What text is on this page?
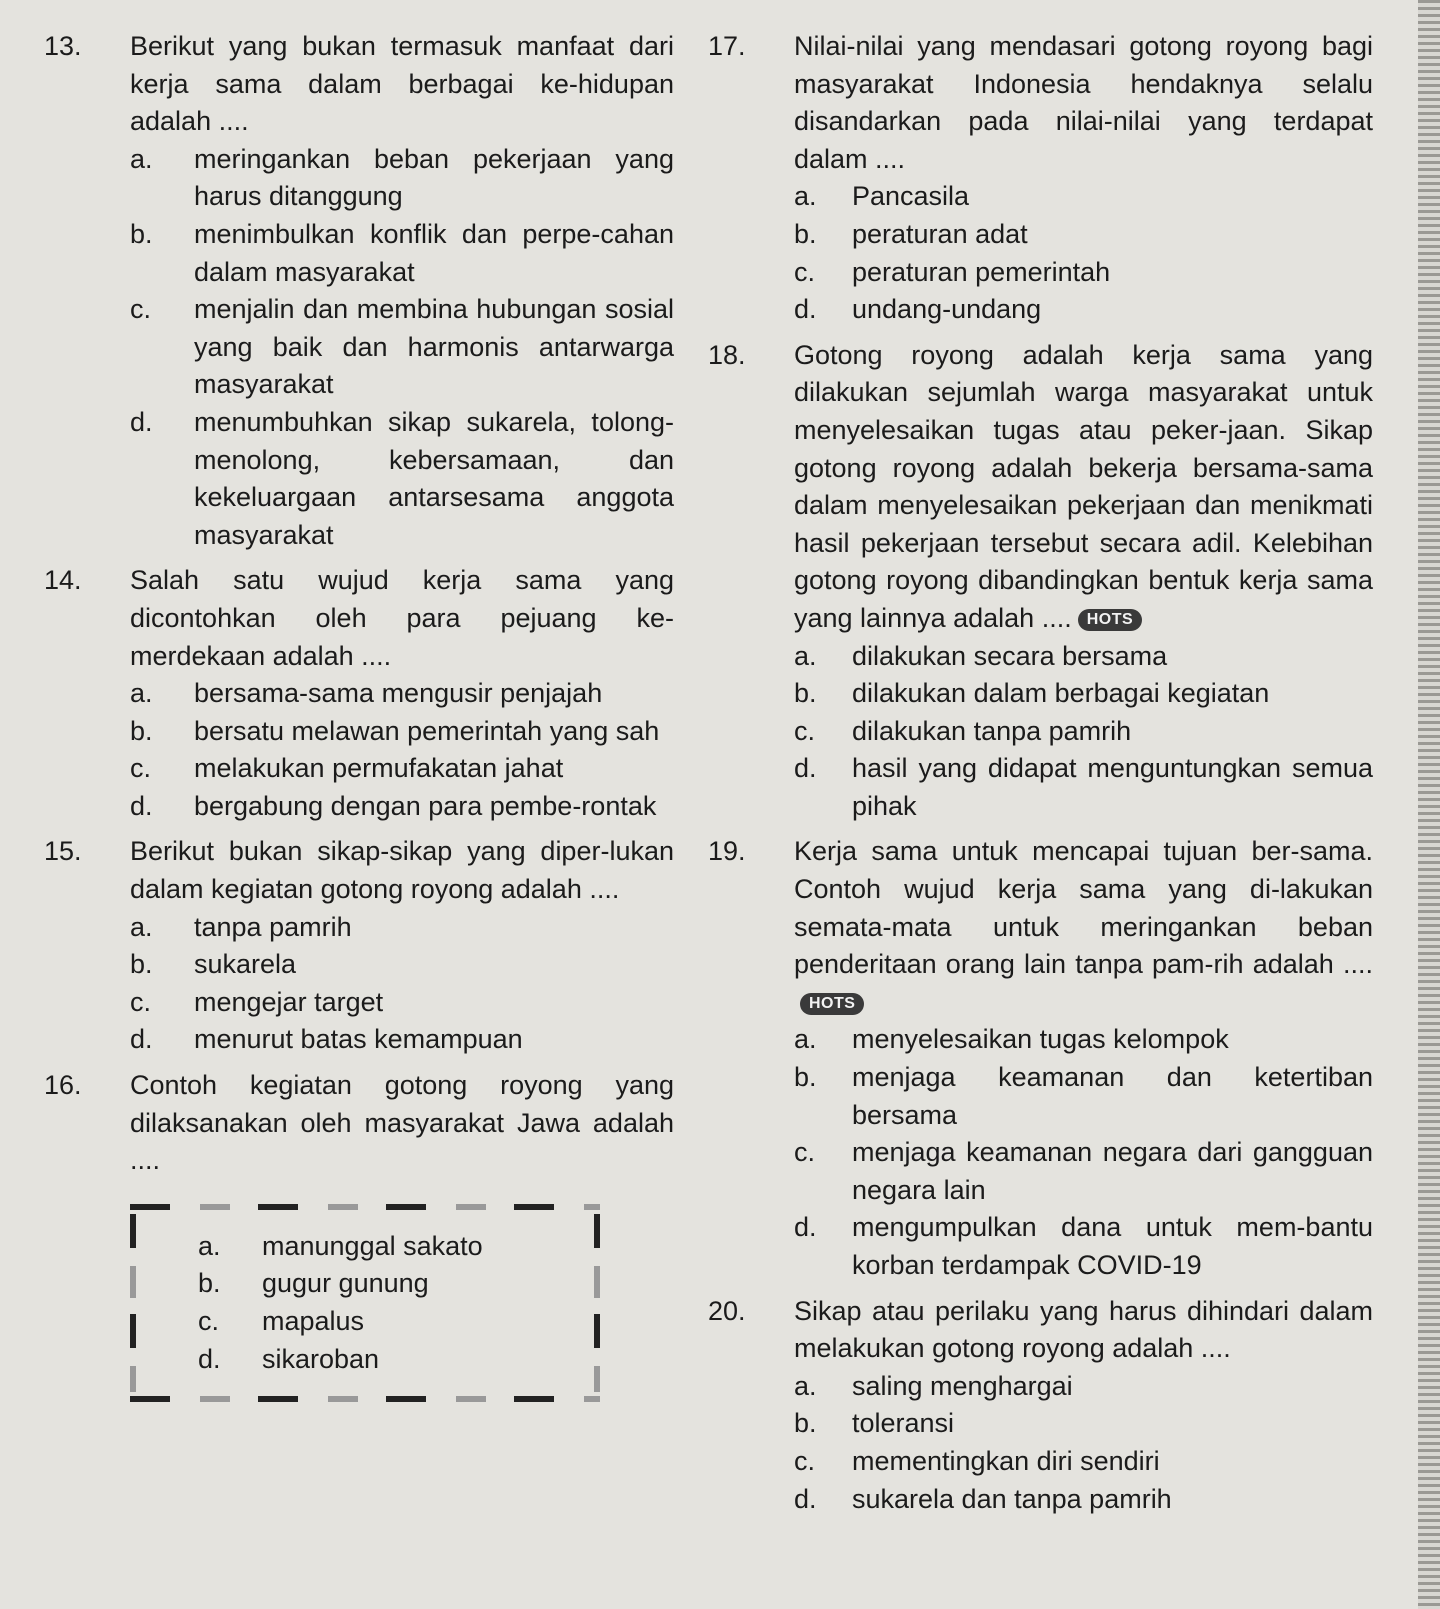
13.	Berikut yang bukan termasuk manfaat dari kerja sama dalam berbagai ke-hidupan adalah ....
a. meringankan beban pekerjaan yang harus ditanggung
b. menimbulkan konflik dan perpe-cahan dalam masyarakat
c. menjalin dan membina hubungan sosial yang baik dan harmonis antarwarga masyarakat
d. menumbuhkan sikap sukarela, tolong-menolong, kebersamaan, dan kekeluargaan antarsesama anggota masyarakat
14.	Salah satu wujud kerja sama yang dicontohkan oleh para pejuang ke-merdekaan adalah ....
a. bersama-sama mengusir penjajah
b. bersatu melawan pemerintah yang sah
c. melakukan permufakatan jahat
d. bergabung dengan para pembe-rontak
15.	Berikut bukan sikap-sikap yang diper-lukan dalam kegiatan gotong royong adalah ....
a. tanpa pamrih
b. sukarela
c. mengejar target
d. menurut batas kemampuan
16.	Contoh kegiatan gotong royong yang dilaksanakan oleh masyarakat Jawa adalah ....
a. manunggal sakato
b. gugur gunung
c. mapalus
d. sikaroban
17.	Nilai-nilai yang mendasari gotong royong bagi masyarakat Indonesia hendaknya selalu disandarkan pada nilai-nilai yang terdapat dalam ....
a. Pancasila
b. peraturan adat
c. peraturan pemerintah
d. undang-undang
18.	Gotong royong adalah kerja sama yang dilakukan sejumlah warga masyarakat untuk menyelesaikan tugas atau peker-jaan. Sikap gotong royong adalah bekerja bersama-sama dalam menyelesaikan pekerjaan dan menikmati hasil pekerjaan tersebut secara adil. Kelebihan gotong royong dibandingkan bentuk kerja sama yang lainnya adalah .... HOTS
a. dilakukan secara bersama
b. dilakukan dalam berbagai kegiatan
c. dilakukan tanpa pamrih
d. hasil yang didapat menguntungkan semua pihak
19.	Kerja sama untuk mencapai tujuan ber-sama. Contoh wujud kerja sama yang di-lakukan semata-mata untuk meringankan beban penderitaan orang lain tanpa pam-rih adalah ....HOTS
a. menyelesaikan tugas kelompok
b. menjaga keamanan dan ketertiban bersama
c. menjaga keamanan negara dari gangguan negara lain
d. mengumpulkan dana untuk mem-bantu korban terdampak COVID-19
20.	Sikap atau perilaku yang harus dihindari dalam melakukan gotong royong adalah ....
a. saling menghargai
b. toleransi
c. mementingkan diri sendiri
d. sukarela dan tanpa pamrih
